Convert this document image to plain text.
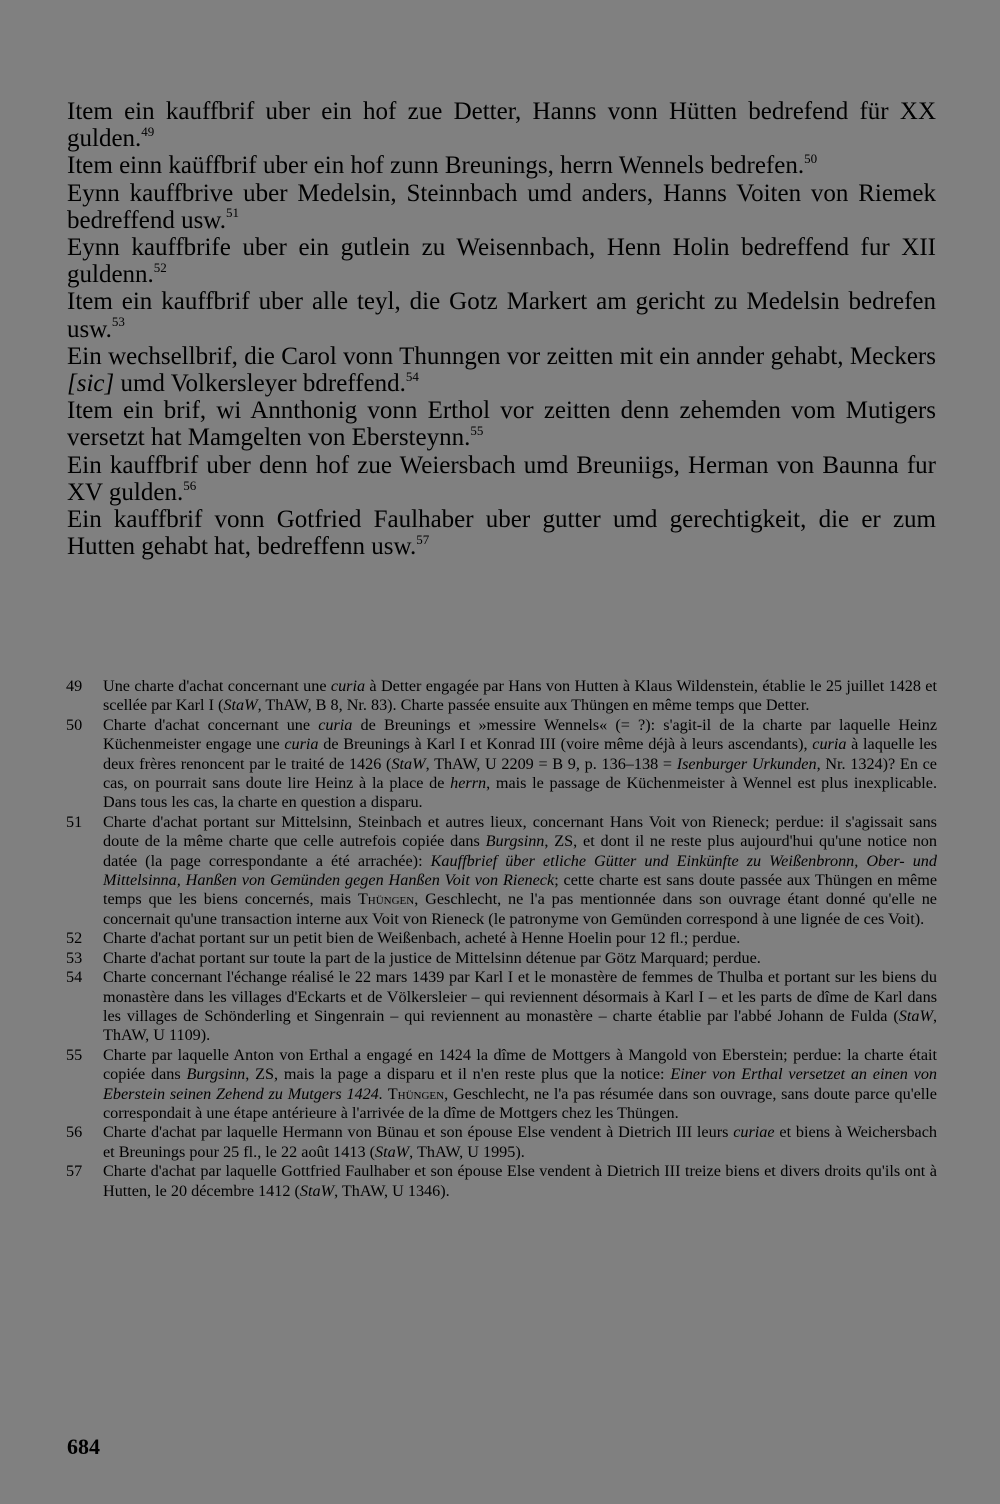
Item ein kauffbrif uber ein hof zue Detter, Hanns vonn Hütten bedrefend für XX gulden.$^{49}$

Item einn kaüffbrif uber ein hof zunn Breunings, herrn Wennels bedrefen.$^{50}$

Eynn kauffbrive uber Medelsin, Steinnbach umd anders, Hanns Voiten von Riemek bedreffend usw.$^{51}$

Eynn kauffbrife uber ein gutlein zu Weisennbach, Henn Holin bedreffend fur XII guldenn.$^{52}$

Item ein kauffbrif uber alle teyl, die Gotz Markert am gericht zu Medelsin bedrefen usw.$^{53}$

Ein wechsellbrif, die Carol vonn Thunngen vor zeitten mit ein annder gehabt, Meckers [sic] umd Volkersleyer bdreffend.$^{54}$

Item ein brif, wi Annthonig vonn Erthol vor zeitten denn zehemden vom Mutigers versetzt hat Mamgelten von Ebersteynn.$^{55}$

Ein kauffbrif uber denn hof zue Weiersbach umd Breuniigs, Herman von Baunna fur XV gulden.$^{56}$

Ein kauffbrif vonn Gotfried Faulhaber uber gutter umd gerechtigkeit, die er zum Hutten gehabt hat, bedreffenn usw.$^{57}$

49 Une charte d'achat concernant une curia à Detter engagée par Hans von Hutten à Klaus Wildenstein, établie le 25 juillet 1428 et scellée par Karl I (StaW, ThAW, B 8, Nr. 83). Charte passée ensuite aux Thüngen en même temps que Detter.
50 Charte d'achat concernant une curia de Breunings et »messire Wennels« (= ?): s'agit-il de la charte par laquelle Heinz Küchenmeister engage une curia de Breunings à Karl I et Konrad III (voire même déjà à leurs ascendants), curia à laquelle les deux frères renoncent par le traité de 1426 (StaW, ThAW, U 2209 = B 9, p. 136–138 = Isenburger Urkunden, Nr. 1324)? En ce cas, on pourrait sans doute lire Heinz à la place de herrn, mais le passage de Küchenmeister à Wennel est plus inexplicable. Dans tous les cas, la charte en question a disparu.
51 Charte d'achat portant sur Mittelsinn, Steinbach et autres lieux, concernant Hans Voit von Rieneck; perdue: il s'agissait sans doute de la même charte que celle autrefois copiée dans Burgsinn, ZS, et dont il ne reste plus aujourd'hui qu'une notice non datée (la page correspondante a été arrachée): Kauffbrief über etliche Gütter und Einkünfte zu Weißenbronn, Ober- und Mittelsinna, Hanßen von Gemünden gegen Hanßen Voit von Rieneck; cette charte est sans doute passée aux Thüngen en même temps que les biens concernés, mais Thüngen, Geschlecht, ne l'a pas mentionnée dans son ouvrage étant donné qu'elle ne concernait qu'une transaction interne aux Voit von Rieneck (le patronyme von Gemünden correspond à une lignée de ces Voit).
52 Charte d'achat portant sur un petit bien de Weißenbach, acheté à Henne Hoelin pour 12 fl.; perdue.
53 Charte d'achat portant sur toute la part de la justice de Mittelsinn détenue par Götz Marquard; perdue.
54 Charte concernant l'échange réalisé le 22 mars 1439 par Karl I et le monastère de femmes de Thulba et portant sur les biens du monastère dans les villages d'Eckarts et de Völkersleier – qui reviennent désormais à Karl I – et les parts de dîme de Karl dans les villages de Schönderling et Singenrain – qui reviennent au monastère – charte établie par l'abbé Johann de Fulda (StaW, ThAW, U 1109).
55 Charte par laquelle Anton von Erthal a engagé en 1424 la dîme de Mottgers à Mangold von Eberstein; perdue: la charte était copiée dans Burgsinn, ZS, mais la page a disparu et il n'en reste plus que la notice: Einer von Erthal versetzet an einen von Eberstein seinen Zehend zu Mutgers 1424. Thüngen, Geschlecht, ne l'a pas résumée dans son ouvrage, sans doute parce qu'elle correspondait à une étape antérieure à l'arrivée de la dîme de Mottgers chez les Thüngen.
56 Charte d'achat par laquelle Hermann von Bünau et son épouse Else vendent à Dietrich III leurs curiae et biens à Weichersbach et Breunings pour 25 fl., le 22 août 1413 (StaW, ThAW, U 1995).
57 Charte d'achat par laquelle Gottfried Faulhaber et son épouse Else vendent à Dietrich III treize biens et divers droits qu'ils ont à Hutten, le 20 décembre 1412 (StaW, ThAW, U 1346).
684
